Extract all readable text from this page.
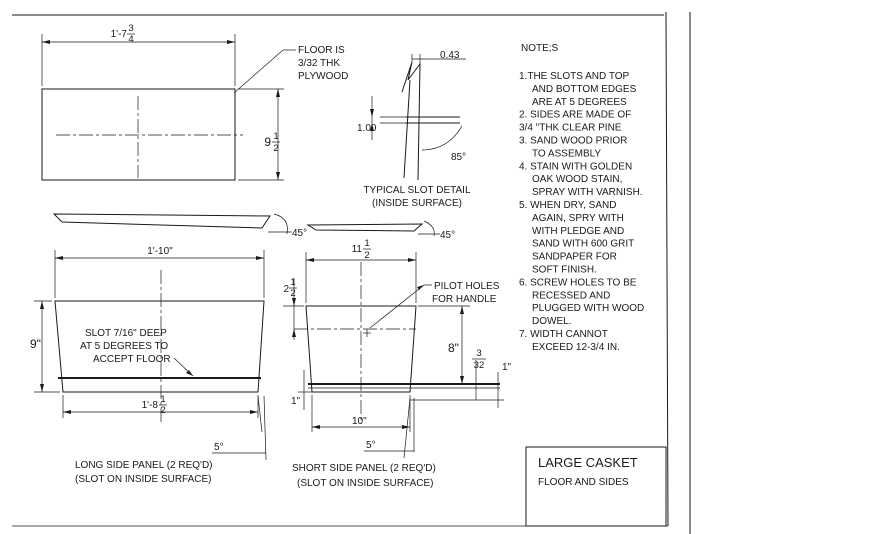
1'-7
3
4
9 1
2
FLOOR IS
3/32 THK
PLYWOOD
0.43
1.00
85°
TYPICAL SLOT DETAIL
(INSIDE SURFACE)
45°	45°
1'-10"
9"
1'-8
1
2
SLOT 7/16" DEEP
AT 5 DEGREES TO
ACCEPT FLOOR
5°
LONG SIDE PANEL (2 REQ'D)
(SLOT ON INSIDE SURFACE)
PILOT HOLES
FOR HANDLE
11
1
2
2
1
2
8" 3
32 1"
1"
10"
5°
SHORT SIDE PANEL (2 REQ'D)
(SLOT ON INSIDE SURFACE)
NOTE;S
1.THE SLOTS AND TOP
AND BOTTOM EDGES
ARE AT 5 DEGREES
2. SIDES ARE MADE OF
3/4 "THK CLEAR PINE
3. SAND WOOD PRIOR
TO ASSEMBLY
4. STAIN WITH GOLDEN
OAK WOOD STAIN,
SPRAY WITH VARNISH.
5. WHEN DRY, SAND
AGAIN, SPRY WITH
WITH PLEDGE AND
SAND WITH 600 GRIT
SANDPAPER FOR
SOFT FINISH.
6. SCREW HOLES TO BE
RECESSED AND
PLUGGED WITH WOOD
DOWEL.
7. WIDTH CANNOT
EXCEED 12-3/4 IN.
LARGE CASKET
FLOOR AND SIDES
